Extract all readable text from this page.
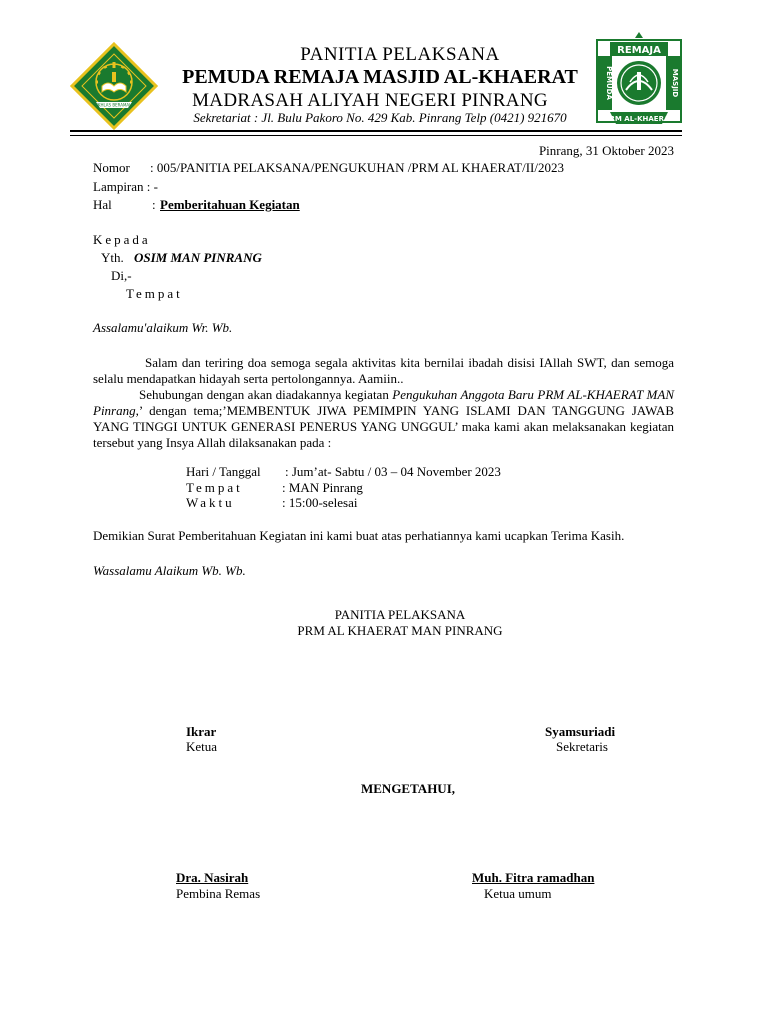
IKHLAS BERAMAL
REMAJA
PEMUDA	MASJID
PRM AL-KHAERAT
PANITIA PELAKSANA
PEMUDA REMAJA MASJID AL-KHAERAT
MADRASAH ALIYAH NEGERI PINRANG
Sekretariat : Jl. Bulu Pakoro No. 429 Kab. Pinrang Telp (0421) 921670
Pinrang, 31 Oktober 2023
Nomor : 005/PANITIA PELAKSANA/PENGUKUHAN /PRM AL KHAERAT/II/2023
Lampiran : -
Hal	: Pemberitahuan Kegiatan
Kepada
Yth. OSIM MAN PINRANG
Di,-
Tempat
Assalamu'alaikum Wr. Wb.
Salam dan teriring doa semoga segala aktivitas kita bernilai ibadah disisi IAllah SWT, dan semoga selalu mendapatkan hidayah serta pertolongannya. Aamiin..
Sehubungan dengan akan diadakannya kegiatan Pengukuhan Anggota Baru PRM AL-KHAERAT MAN Pinrang,’ dengan tema;’MEMBENTUK JIWA PEMIMPIN YANG ISLAMI DAN TANGGUNG JAWAB YANG TINGGI UNTUK GENERASI PENERUS YANG UNGGUL’ maka kami akan melaksanakan kegiatan tersebut yang Insya Allah dilaksanakan pada :
Hari / Tanggal : Jum’at- Sabtu / 03 – 04 November 2023
Tempat	: MAN Pinrang
Waktu	: 15:00-selesai
Demikian Surat Pemberitahuan Kegiatan ini kami buat atas perhatiannya kami ucapkan Terima Kasih.
Wassalamu Alaikum Wb. Wb.
PANITIA PELAKSANA
PRM AL KHAERAT MAN PINRANG
Ikrar
Ketua
Syamsuriadi
Sekretaris
MENGETAHUI,
Dra. Nasirah
Pembina Remas
Muh. Fitra ramadhan
Ketua umum
